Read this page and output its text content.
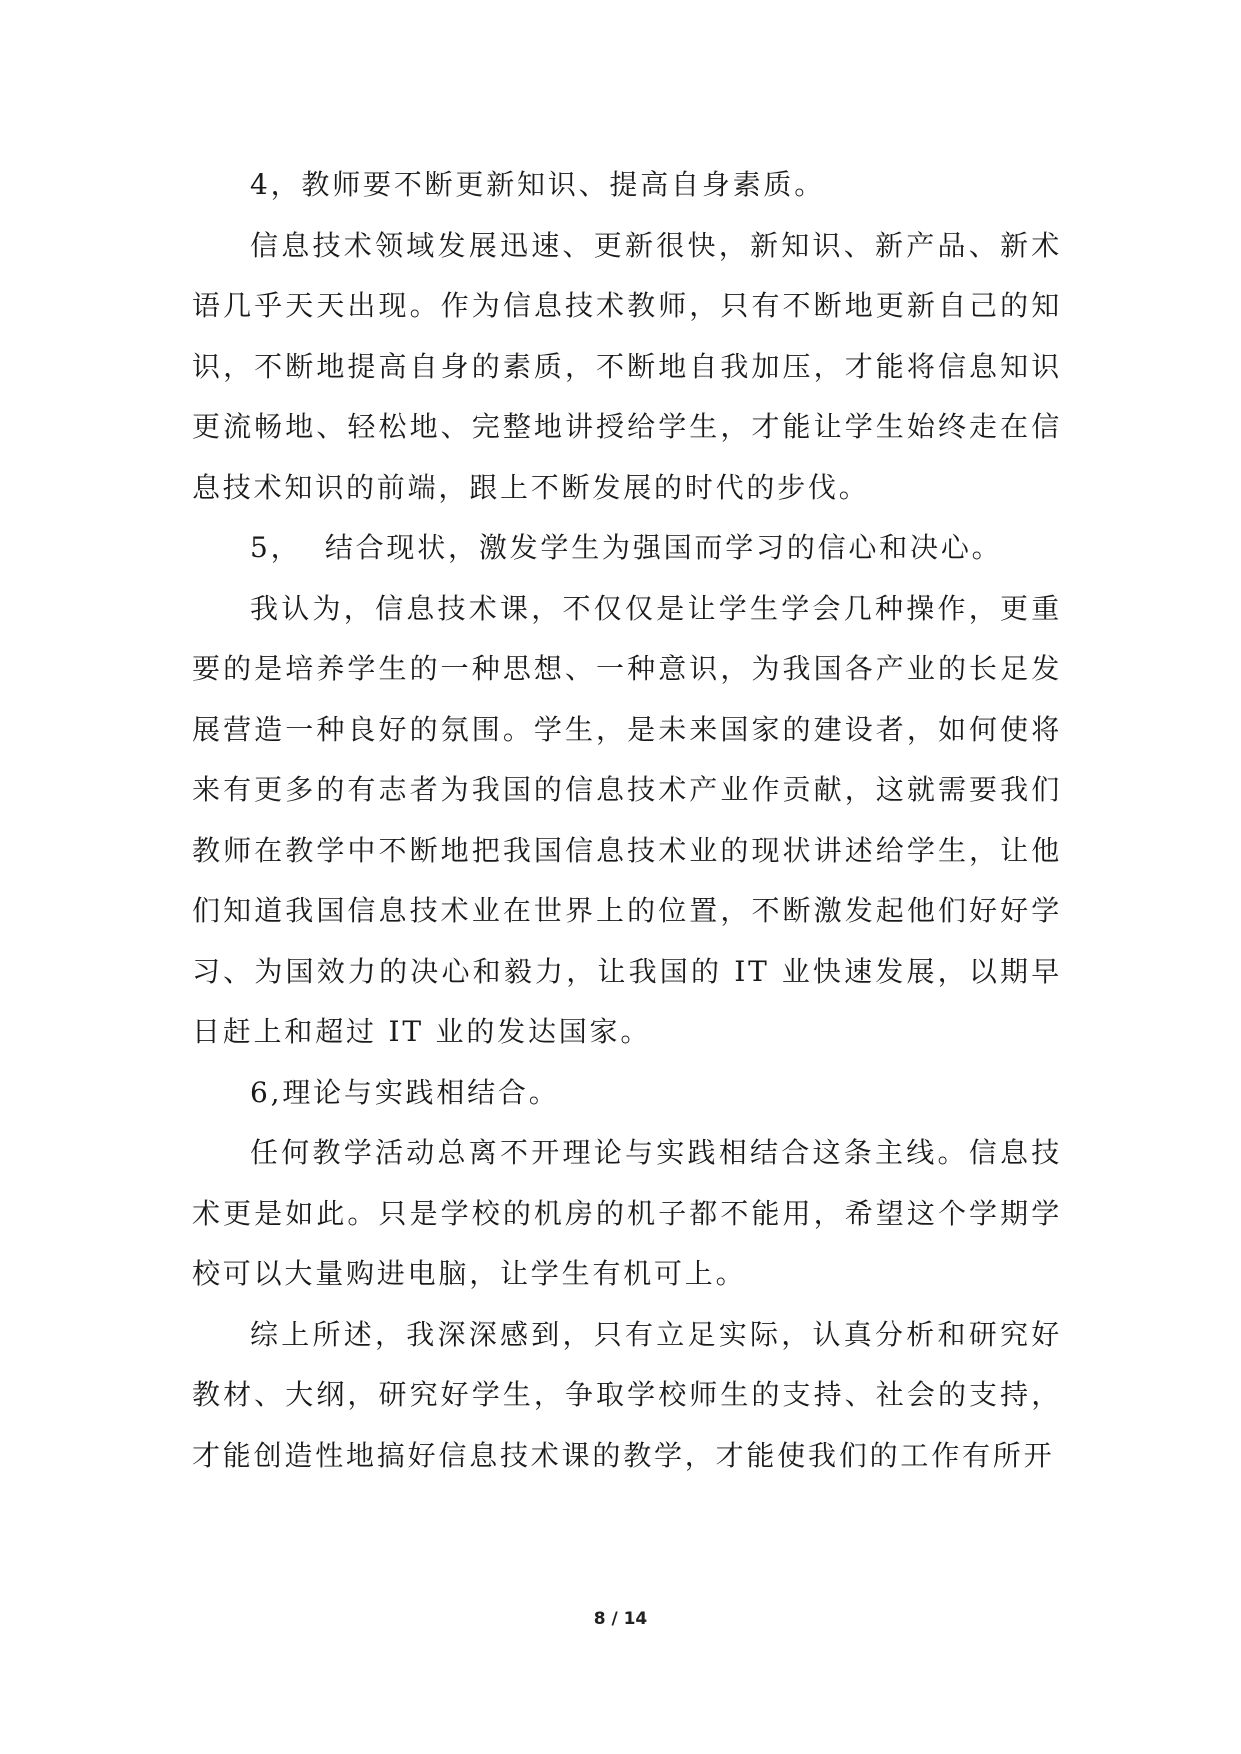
4，教师要不断更新知识、提高自身素质。

信息技术领域发展迅速、更新很快，新知识、新产品、新术语几乎天天出现。作为信息技术教师，只有不断地更新自己的知识，不断地提高自身的素质，不断地自我加压，才能将信息知识更流畅地、轻松地、完整地讲授给学生，才能让学生始终走在信息技术知识的前端，跟上不断发展的时代的步伐。

5，  结合现状，激发学生为强国而学习的信心和决心。

我认为，信息技术课，不仅仅是让学生学会几种操作，更重要的是培养学生的一种思想、一种意识，为我国各产业的长足发展营造一种良好的氛围。学生，是未来国家的建设者，如何使将来有更多的有志者为我国的信息技术产业作贡献，这就需要我们教师在教学中不断地把我国信息技术业的现状讲述给学生，让他们知道我国信息技术业在世界上的位置，不断激发起他们好好学习、为国效力的决心和毅力，让我国的 IT 业快速发展，以期早日赶上和超过 IT 业的发达国家。

6,理论与实践相结合。

任何教学活动总离不开理论与实践相结合这条主线。信息技术更是如此。只是学校的机房的机子都不能用，希望这个学期学校可以大量购进电脑，让学生有机可上。

综上所述，我深深感到，只有立足实际，认真分析和研究好教材、大纲，研究好学生，争取学校师生的支持、社会的支持，才能创造性地搞好信息技术课的教学，才能使我们的工作有所开

8 / 14
